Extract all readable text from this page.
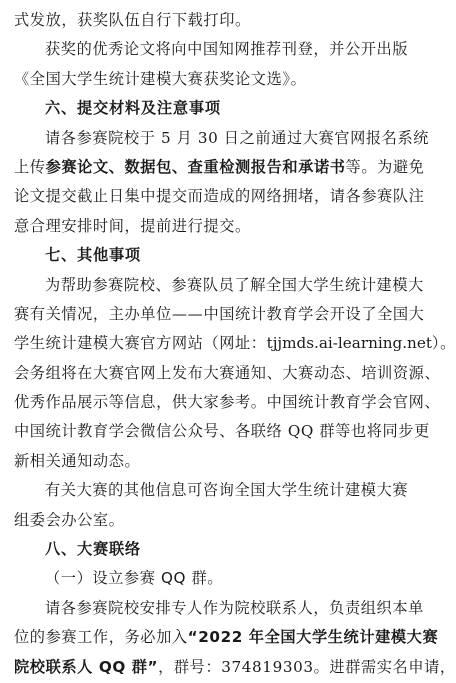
式发放，获奖队伍自行下载打印。
获奖的优秀论文将向中国知网推荐刊登，并公开出版
《全国大学生统计建模大赛获奖论文选》。
六、提交材料及注意事项
请各参赛院校于 5 月 30 日之前通过大赛官网报名系统
上传参赛论文、数据包、查重检测报告和承诺书等。为避免
论文提交截止日集中提交而造成的网络拥堵，请各参赛队注
意合理安排时间，提前进行提交。
七、其他事项
为帮助参赛院校、参赛队员了解全国大学生统计建模大
赛有关情况，主办单位——中国统计教育学会开设了全国大
学生统计建模大赛官方网站（网址：tjjmds.ai-learning.net）。
会务组将在大赛官网上发布大赛通知、大赛动态、培训资源、
优秀作品展示等信息，供大家参考。中国统计教育学会官网、
中国统计教育学会微信公众号、各联络 QQ 群等也将同步更
新相关通知动态。
有关大赛的其他信息可咨询全国大学生统计建模大赛
组委会办公室。
八、大赛联络
（一）设立参赛 QQ 群。
请各参赛院校安排专人作为院校联系人，负责组织本单
位的参赛工作，务必加入“2022 年全国大学生统计建模大赛
院校联系人 QQ 群”，群号：374819303。进群需实名申请，
